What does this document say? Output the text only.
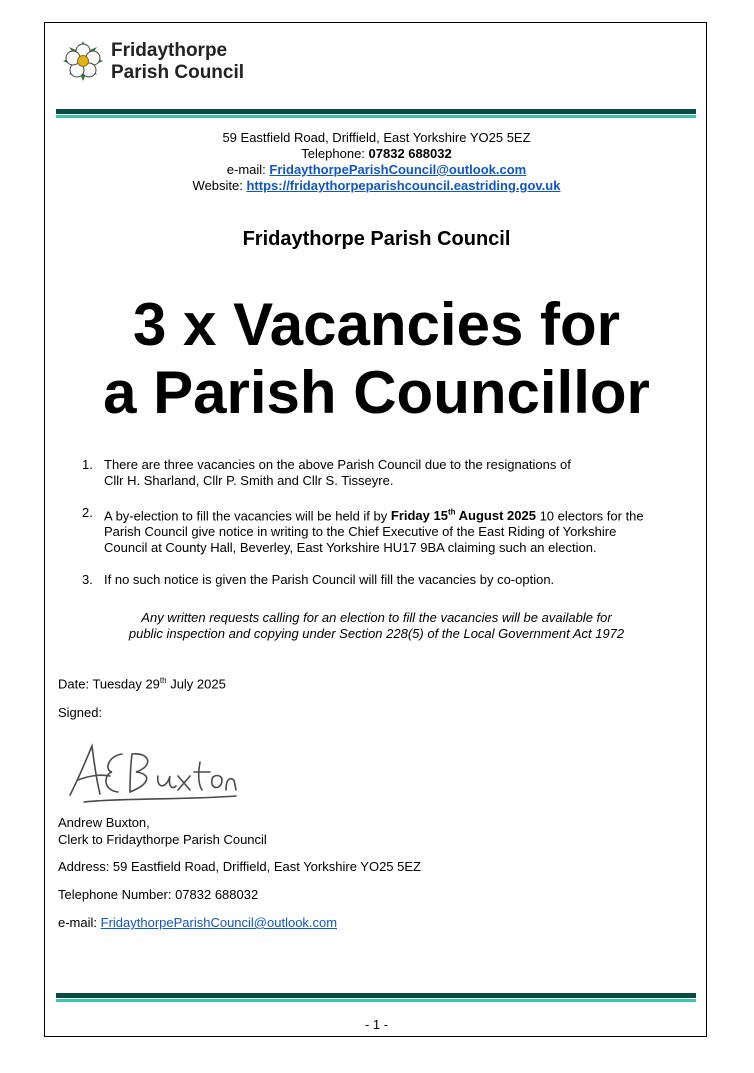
Fridaythorpe
Parish Council
59 Eastfield Road, Driffield, East Yorkshire YO25 5EZ
Telephone: 07832 688032
e-mail: FridaythorpeParishCouncil@outlook.com
Website: https://fridaythorpeparishcouncil.eastriding.gov.uk
Fridaythorpe Parish Council
3 x Vacancies for
a Parish Councillor
1. There are three vacancies on the above Parish Council due to the resignations of
Cllr H. Sharland, Cllr P. Smith and Cllr S. Tisseyre.
2. A by-election to fill the vacancies will be held if by Friday 15th August 2025 10 electors for the
Parish Council give notice in writing to the Chief Executive of the East Riding of Yorkshire
Council at County Hall, Beverley, East Yorkshire HU17 9BA claiming such an election.
3. If no such notice is given the Parish Council will fill the vacancies by co-option.
Any written requests calling for an election to fill the vacancies will be available for
public inspection and copying under Section 228(5) of the Local Government Act 1972
Date: Tuesday 29th July 2025
Signed:
Andrew Buxton,
Clerk to Fridaythorpe Parish Council
Address: 59 Eastfield Road, Driffield, East Yorkshire YO25 5EZ
Telephone Number: 07832 688032
e-mail: FridaythorpeParishCouncil@outlook.com
- 1 -
